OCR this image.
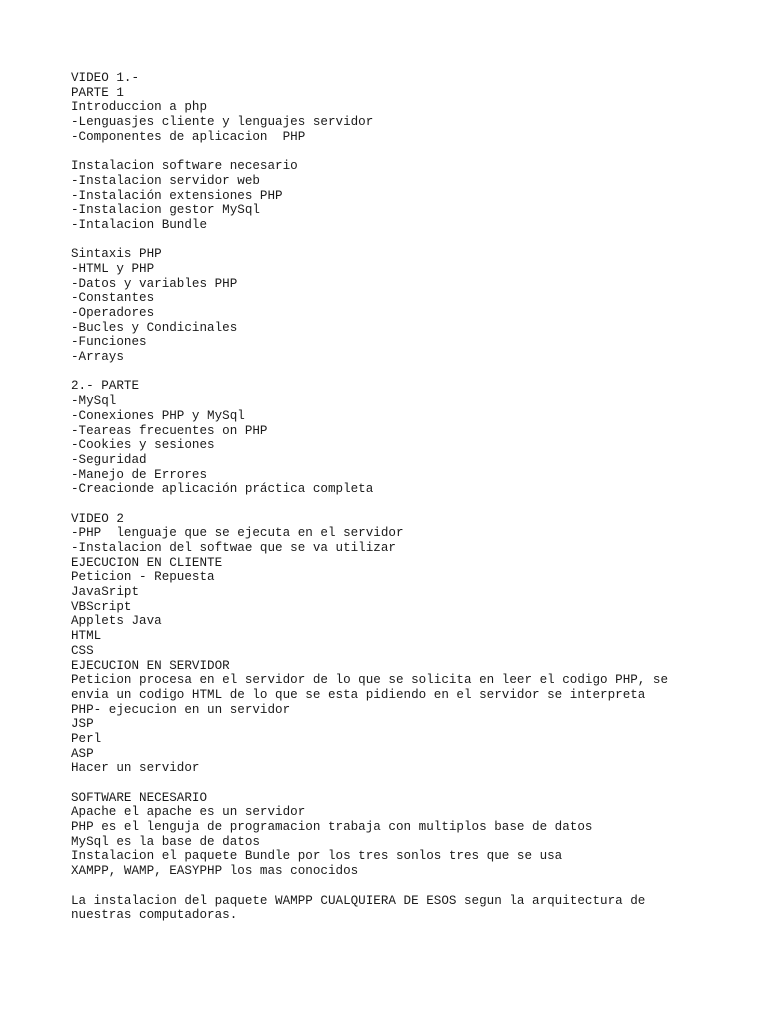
VIDEO 1.-
PARTE 1
Introduccion a php
-Lenguasjes cliente y lenguajes servidor
-Componentes de aplicacion  PHP
Instalacion software necesario
-Instalacion servidor web
-Instalación extensiones PHP
-Instalacion gestor MySql
-Intalacion Bundle
Sintaxis PHP
-HTML y PHP
-Datos y variables PHP
-Constantes
-Operadores
-Bucles y Condicinales
-Funciones
-Arrays
2.- PARTE
-MySql
-Conexiones PHP y MySql
-Teareas frecuentes on PHP
-Cookies y sesiones
-Seguridad
-Manejo de Errores
-Creacionde aplicación práctica completa
VIDEO 2
-PHP  lenguaje que se ejecuta en el servidor
-Instalacion del softwae que se va utilizar
EJECUCION EN CLIENTE
Peticion - Repuesta
JavaSript
VBScript
Applets Java
HTML
CSS
EJECUCION EN SERVIDOR
Peticion procesa en el servidor de lo que se solicita en leer el codigo PHP, se
envia un codigo HTML de lo que se esta pidiendo en el servidor se interpreta
PHP- ejecucion en un servidor
JSP
Perl
ASP
Hacer un servidor
SOFTWARE NECESARIO
Apache el apache es un servidor
PHP es el lenguja de programacion trabaja con multiplos base de datos
MySql es la base de datos
Instalacion el paquete Bundle por los tres sonlos tres que se usa
XAMPP, WAMP, EASYPHP los mas conocidos
La instalacion del paquete WAMPP CUALQUIERA DE ESOS segun la arquitectura de
nuestras computadoras.
